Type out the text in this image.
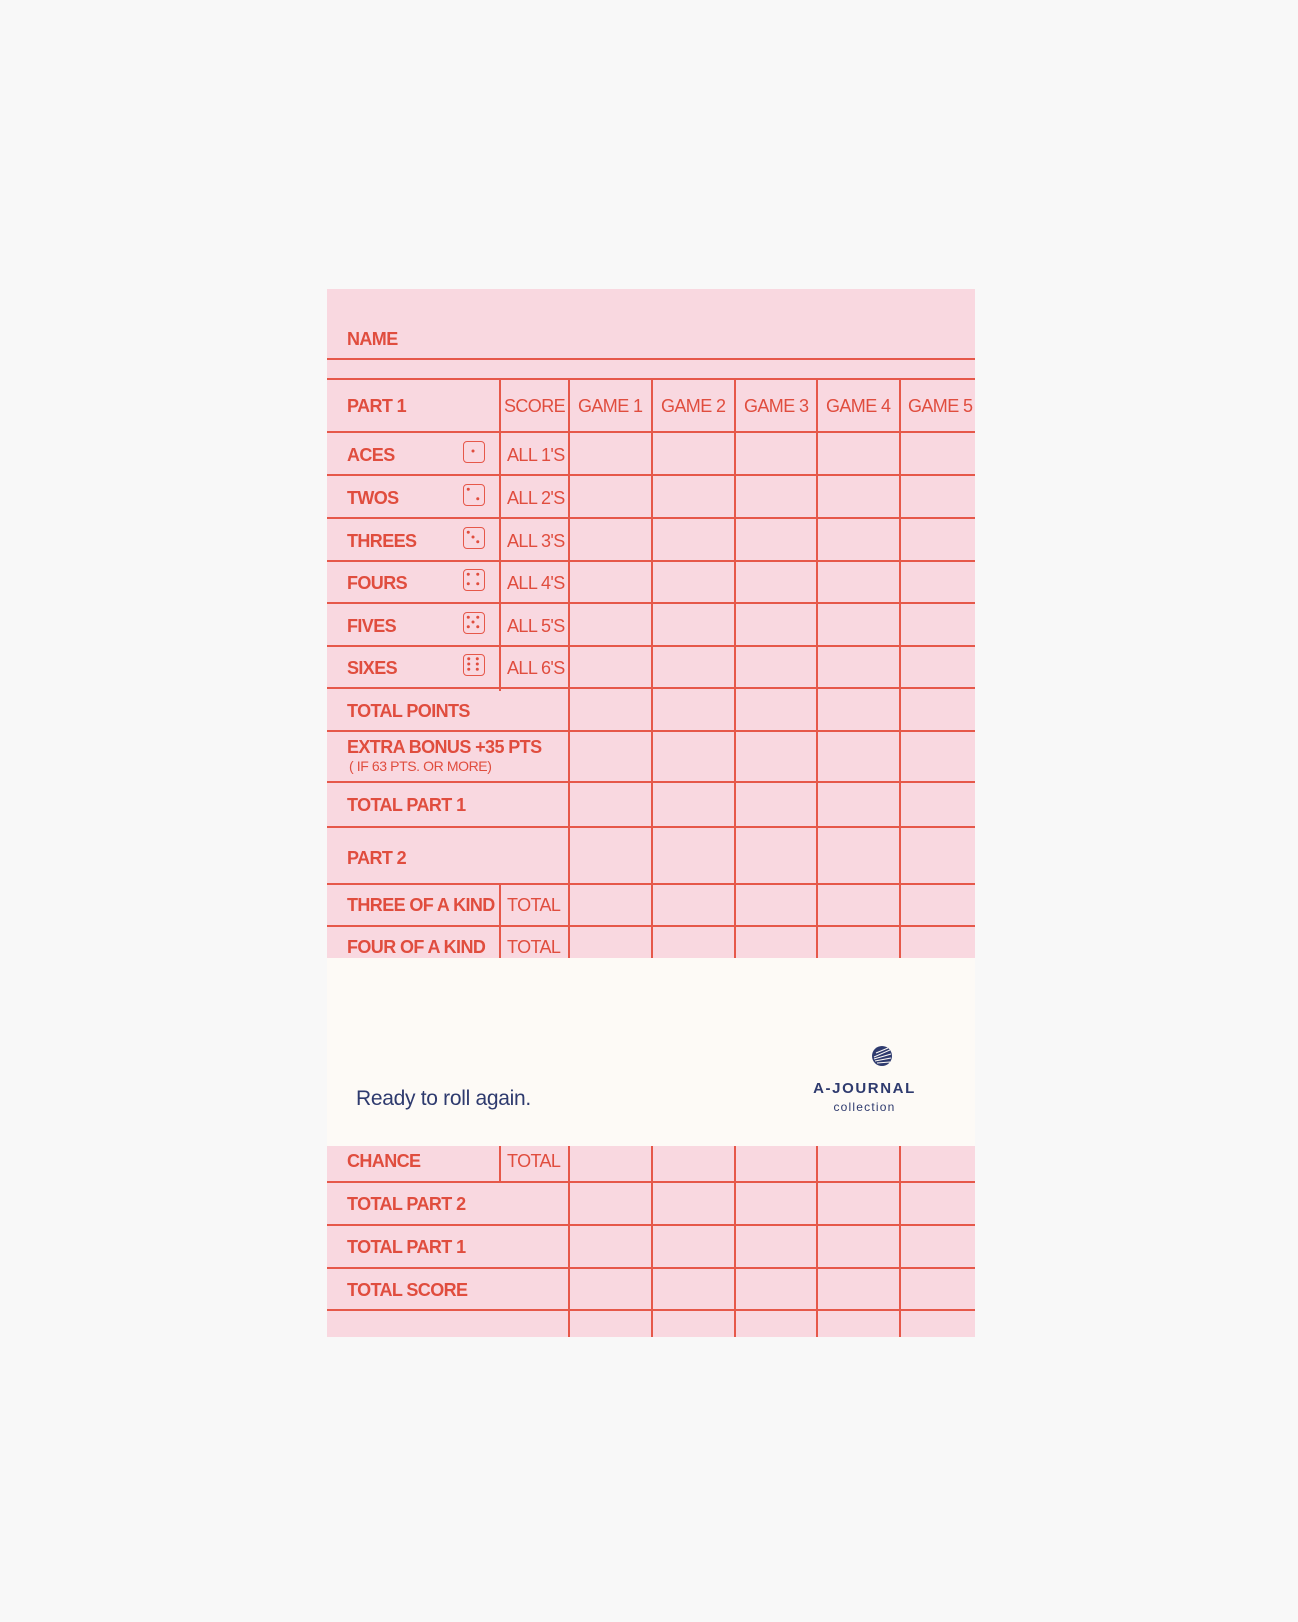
NAME
PART 1	SCORE GAME 1 GAME 2 GAME 3 GAME 4 GAME 5
ACES	ALL 1'S
TWOS	ALL 2'S
THREES	ALL 3'S
FOURS	ALL 4'S
FIVES	ALL 5'S
SIXES	ALL 6'S
TOTAL POINTS
EXTRA BONUS +35 PTS
( IF 63 PTS. OR MORE)
TOTAL PART 1
PART 2
THREE OF A KIND TOTAL
FOUR OF A KIND TOTAL
Ready to roll again.	A-JOURNAL
collection
CHANCE	TOTAL
TOTAL PART 2
TOTAL PART 1
TOTAL SCORE
